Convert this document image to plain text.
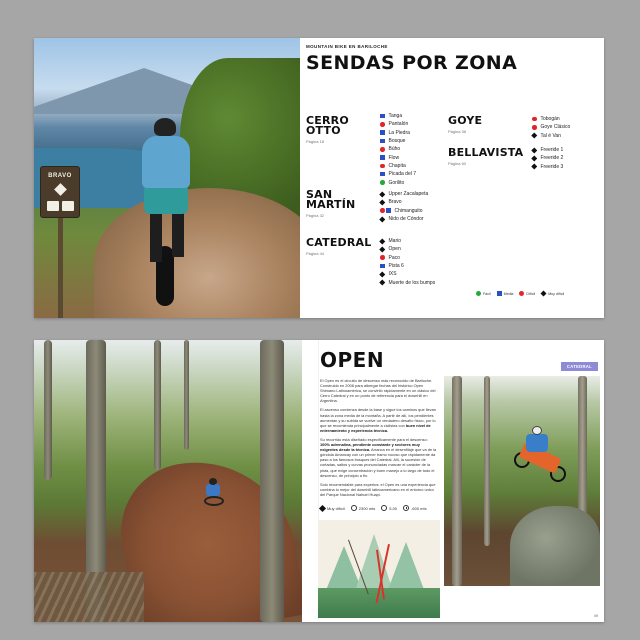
BRAVO
MOUNTAIN BIKE EN BARILOCHE
SENDAS POR ZONA
CERRO
OTTO
Página 18
Tanga
Pantalón
La Piedra
Bosque
Búho
Flow
Chapita
Picada del 7
Gorilito
SAN
MARTÍN
Página 32
Upper Zacalapeta
Bravo
Chimanguito
Nido de Cóndor
CATEDRAL
Página 44
Mario
Open
Paco
Pista 6
IXS
Muerte de los bumps
GOYE
Página 58
Tobogán
Goye Clásico
Tal é Van
BELLAVISTA
Página 60
Freeride 1
Freeride 2
Freeride 3
Fácil	Media	Difícil	Muy difícil
OPEN	CATEDRAL

El Open es el circuito de descenso más reconocido de Bariloche. Construido en 2008 para albergar fechas del histórico Open Shimano Latinoamérica, se convirtió rápidamente en un clásico del Cerro Catedral y en un punto de referencia para el downhill en Argentina.

El ascenso comienza desde la base y sigue los caminos que llevan hasta la zona media de la montaña. A partir de allí, los pendientes aumentan y su subida se vuelve un verdadero desafío físico, por lo que se recomienda principalmente a ciclistas con buen nivel de entrenamiento y experiencia técnica.

Su recorrido está diseñado específicamente para el descenso: 100% adrenalina, pendiente constante y sectores muy exigentes desde la técnica. Arranca en el desenfilaje que va de la góndola Amancay con un primer tramo rocoso que rápidamente da paso a los famosos bosques del Catedral. Allí, la sucesión de cortadas, saltos y curvas pronunciadas marcan el carácter de la pista, que exige concentración y buen manejo a lo largo de todo el descenso, de principio a fin.

Solo recomendable para expertos: el Open es una experiencia que combina lo mejor del downhill latinoamericano en el entorno único del Parque Nacional Nahuel Huapi.

Muy difícil	2300 mts	5,00	-600 mts
49
